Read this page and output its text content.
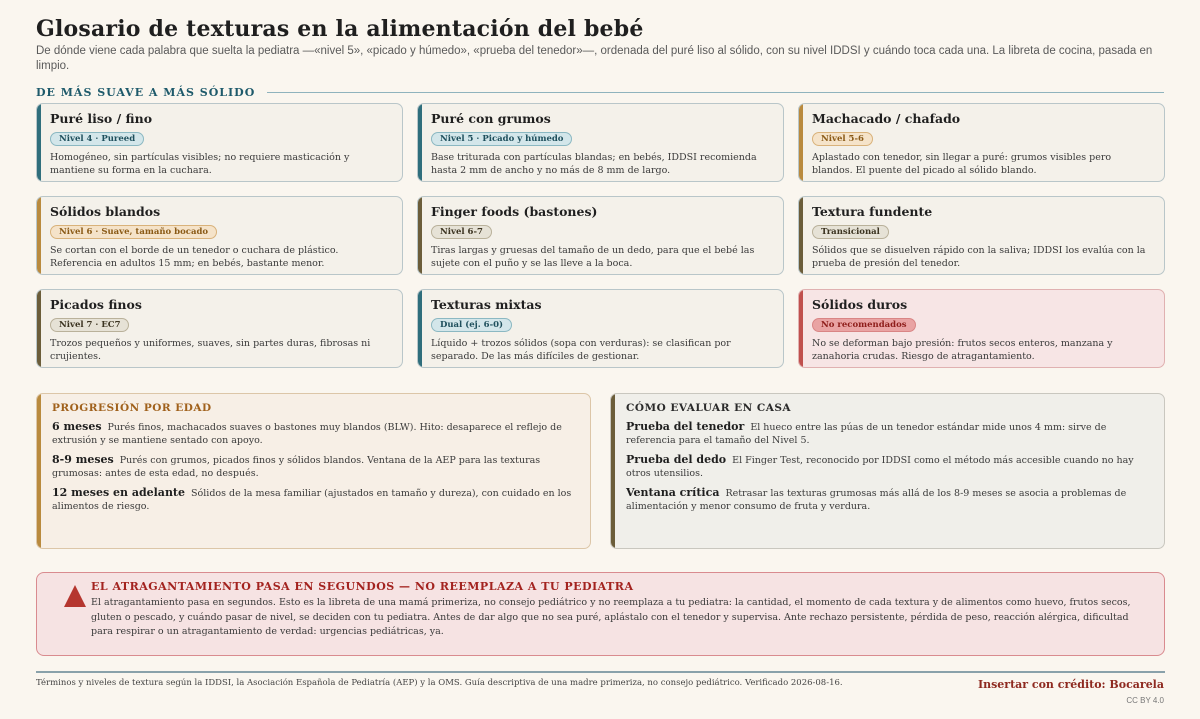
Glosario de texturas en la alimentación del bebé
De dónde viene cada palabra que suelta la pediatra —«nivel 5», «picado y húmedo», «prueba del tenedor»—, ordenada del puré liso al sólido, con su nivel IDDSI y cuándo toca cada una. La libreta de cocina, pasada en limpio.
DE MÁS SUAVE A MÁS SÓLIDO
Puré liso / fino
Nivel 4 · Pureed
Homogéneo, sin partículas visibles; no requiere masticación y mantiene su forma en la cuchara.
Puré con grumos
Nivel 5 · Picado y húmedo
Base triturada con partículas blandas; en bebés, IDDSI recomienda hasta 2 mm de ancho y no más de 8 mm de largo.
Machacado / chafado
Nivel 5-6
Aplastado con tenedor, sin llegar a puré: grumos visibles pero blandos. El puente del picado al sólido blando.
Sólidos blandos
Nivel 6 · Suave, tamaño bocado
Se cortan con el borde de un tenedor o cuchara de plástico. Referencia en adultos 15 mm; en bebés, bastante menor.
Finger foods (bastones)
Nivel 6-7
Tiras largas y gruesas del tamaño de un dedo, para que el bebé las sujete con el puño y se las lleve a la boca.
Textura fundente
Transicional
Sólidos que se disuelven rápido con la saliva; IDDSI los evalúa con la prueba de presión del tenedor.
Picados finos
Nivel 7 · EC7
Trozos pequeños y uniformes, suaves, sin partes duras, fibrosas ni crujientes.
Texturas mixtas
Dual (ej. 6-0)
Líquido + trozos sólidos (sopa con verduras): se clasifican por separado. De las más difíciles de gestionar.
Sólidos duros
No recomendados
No se deforman bajo presión: frutos secos enteros, manzana y zanahoria crudas. Riesgo de atragantamiento.
PROGRESIÓN POR EDAD
6 meses Purés finos, machacados suaves o bastones muy blandos (BLW). Hito: desaparece el reflejo de extrusión y se mantiene sentado con apoyo.
8-9 meses Purés con grumos, picados finos y sólidos blandos. Ventana de la AEP para las texturas grumosas: antes de esta edad, no después.
12 meses en adelante Sólidos de la mesa familiar (ajustados en tamaño y dureza), con cuidado en los alimentos de riesgo.
CÓMO EVALUAR EN CASA
Prueba del tenedor El hueco entre las púas de un tenedor estándar mide unos 4 mm: sirve de referencia para el tamaño del Nivel 5.
Prueba del dedo El Finger Test, reconocido por IDDSI como el método más accesible cuando no hay otros utensilios.
Ventana crítica Retrasar las texturas grumosas más allá de los 8-9 meses se asocia a problemas de alimentación y menor consumo de fruta y verdura.
EL ATRAGANTAMIENTO PASA EN SEGUNDOS — NO REEMPLAZA A TU PEDIATRA
El atragantamiento pasa en segundos. Esto es la libreta de una mamá primeriza, no consejo pediátrico y no reemplaza a tu pediatra: la cantidad, el momento de cada textura y de alimentos como huevo, frutos secos, gluten o pescado, y cuándo pasar de nivel, se deciden con tu pediatra. Antes de dar algo que no sea puré, aplástalo con el tenedor y supervisa. Ante rechazo persistente, pérdida de peso, reacción alérgica, dificultad para respirar o un atragantamiento de verdad: urgencias pediátricas, ya.
Términos y niveles de textura según la IDDSI, la Asociación Española de Pediatría (AEP) y la OMS. Guía descriptiva de una madre primeriza, no consejo pediátrico. Verificado 2026-08-16.	Insertar con crédito: Bocarela
CC BY 4.0
